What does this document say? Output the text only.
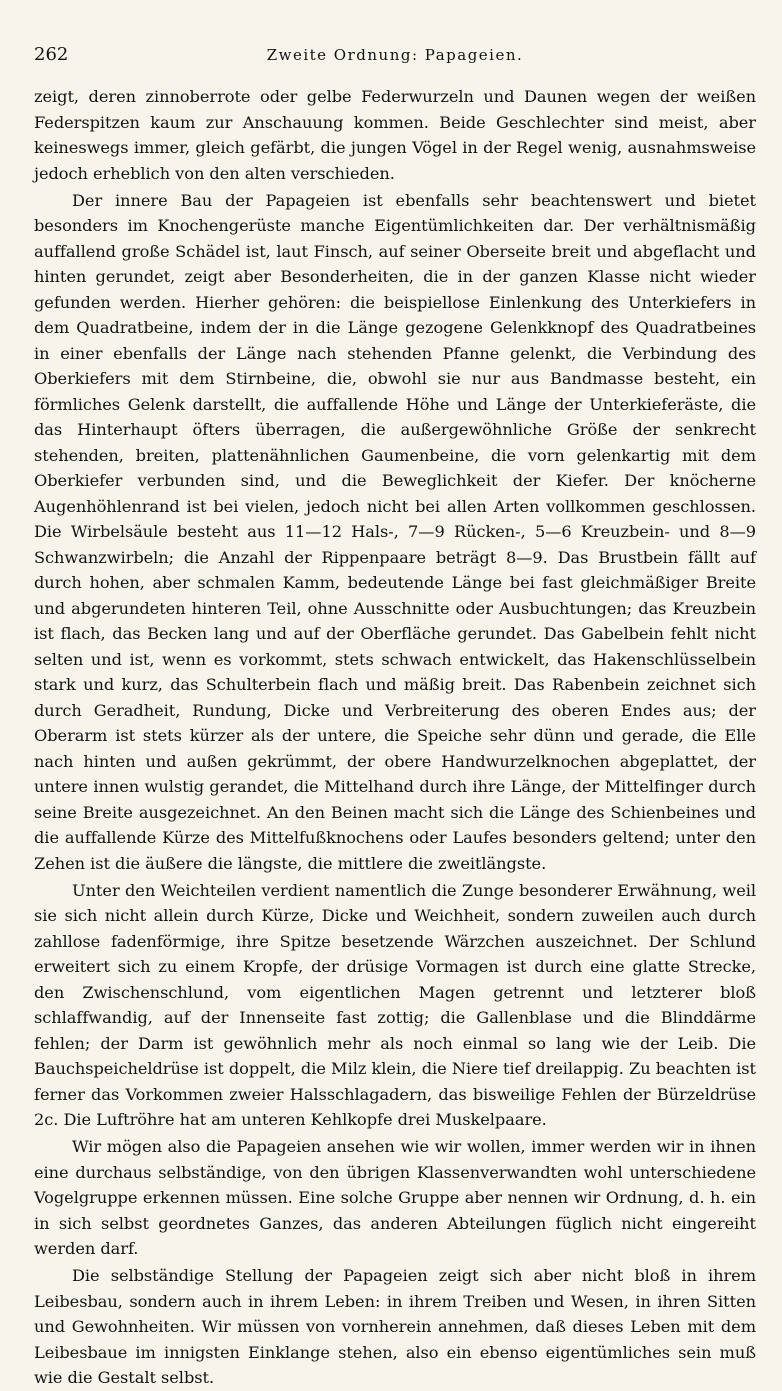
262	Zweite Ordnung: Papageien.

zeigt, deren zinnoberrote oder gelbe Federwurzeln und Daunen wegen der weißen Federspitzen kaum zur Anschauung kommen. Beide Geschlechter sind meist, aber keineswegs immer, gleich gefärbt, die jungen Vögel in der Regel wenig, ausnahmsweise jedoch erheblich von den alten verschieden.

Der innere Bau der Papageien ist ebenfalls sehr beachtenswert und bietet besonders im Knochengerüste manche Eigentümlichkeiten dar. Der verhältnismäßig auffallend große Schädel ist, laut Finsch, auf seiner Oberseite breit und abgeflacht und hinten gerundet, zeigt aber Besonderheiten, die in der ganzen Klasse nicht wieder gefunden werden. Hierher gehören: die beispiellose Einlenkung des Unterkiefers in dem Quadratbeine, indem der in die Länge gezogene Gelenkknopf des Quadratbeines in einer ebenfalls der Länge nach stehenden Pfanne gelenkt, die Verbindung des Oberkiefers mit dem Stirnbeine, die, obwohl sie nur aus Bandmasse besteht, ein förmliches Gelenk darstellt, die auffallende Höhe und Länge der Unterkieferäste, die das Hinterhaupt öfters überragen, die außergewöhnliche Größe der senkrecht stehenden, breiten, plattenähnlichen Gaumenbeine, die vorn gelenkartig mit dem Oberkiefer verbunden sind, und die Beweglichkeit der Kiefer. Der knöcherne Augenhöhlenrand ist bei vielen, jedoch nicht bei allen Arten vollkommen geschlossen. Die Wirbelsäule besteht aus 11—12 Hals-, 7—9 Rücken-, 5—6 Kreuzbein- und 8—9 Schwanzwirbeln; die Anzahl der Rippenpaare beträgt 8—9. Das Brustbein fällt auf durch hohen, aber schmalen Kamm, bedeutende Länge bei fast gleichmäßiger Breite und abgerundeten hinteren Teil, ohne Ausschnitte oder Ausbuchtungen; das Kreuzbein ist flach, das Becken lang und auf der Oberfläche gerundet. Das Gabelbein fehlt nicht selten und ist, wenn es vorkommt, stets schwach entwickelt, das Hakenschlüsselbein stark und kurz, das Schulterbein flach und mäßig breit. Das Rabenbein zeichnet sich durch Geradheit, Rundung, Dicke und Verbreiterung des oberen Endes aus; der Oberarm ist stets kürzer als der untere, die Speiche sehr dünn und gerade, die Elle nach hinten und außen gekrümmt, der obere Handwurzelknochen abgeplattet, der untere innen wulstig gerandet, die Mittelhand durch ihre Länge, der Mittelfinger durch seine Breite ausgezeichnet. An den Beinen macht sich die Länge des Schienbeines und die auffallende Kürze des Mittelfußknochens oder Laufes besonders geltend; unter den Zehen ist die äußere die längste, die mittlere die zweitlängste.

Unter den Weichteilen verdient namentlich die Zunge besonderer Erwähnung, weil sie sich nicht allein durch Kürze, Dicke und Weichheit, sondern zuweilen auch durch zahllose fadenförmige, ihre Spitze besetzende Wärzchen auszeichnet. Der Schlund erweitert sich zu einem Kropfe, der drüsige Vormagen ist durch eine glatte Strecke, den Zwischenschlund, vom eigentlichen Magen getrennt und letzterer bloß schlaffwandig, auf der Innenseite fast zottig; die Gallenblase und die Blinddärme fehlen; der Darm ist gewöhnlich mehr als noch einmal so lang wie der Leib. Die Bauchspeicheldrüse ist doppelt, die Milz klein, die Niere tief dreilappig. Zu beachten ist ferner das Vorkommen zweier Halsschlagadern, das bisweilige Fehlen der Bürzeldrüse 2c. Die Luftröhre hat am unteren Kehlkopfe drei Muskelpaare.

Wir mögen also die Papageien ansehen wie wir wollen, immer werden wir in ihnen eine durchaus selbständige, von den übrigen Klassenverwandten wohl unterschiedene Vogelgruppe erkennen müssen. Eine solche Gruppe aber nennen wir Ordnung, d. h. ein in sich selbst geordnetes Ganzes, das anderen Abteilungen füglich nicht eingereiht werden darf.

Die selbständige Stellung der Papageien zeigt sich aber nicht bloß in ihrem Leibesbau, sondern auch in ihrem Leben: in ihrem Treiben und Wesen, in ihren Sitten und Gewohnheiten. Wir müssen von vornherein annehmen, daß dieses Leben mit dem Leibesbaue im innigsten Einklange stehen, also ein ebenso eigentümliches sein muß wie die Gestalt selbst.
